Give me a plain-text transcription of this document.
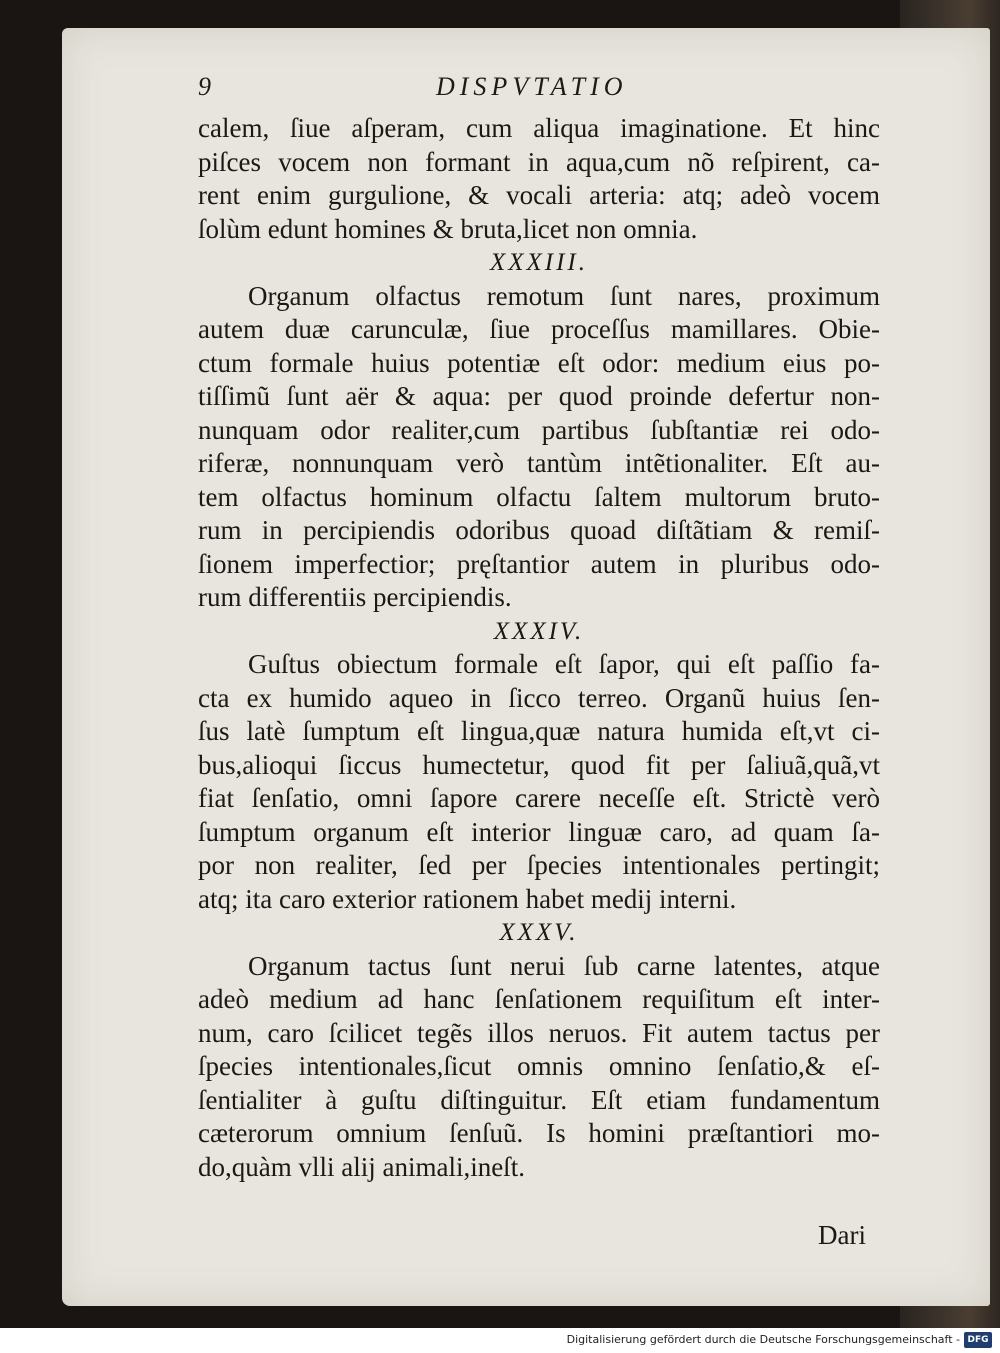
9	DISPVTATIO
calem, ſiue aſperam, cum aliqua imaginatione. Et hinc
piſces vocem non formant in aqua,cum nõ reſpirent, ca-
rent enim gurgulione, & vocali arteria: atq; adeò vocem
ſolùm edunt homines & bruta,licet non omnia.
XXXIII.
Organum olfactus remotum ſunt nares, proximum
autem duæ carunculæ, ſiue proceſſus mamillares. Obie-
ctum formale huius potentiæ eſt odor: medium eius po-
tiſſimũ ſunt aër & aqua: per quod proinde defertur non-
nunquam odor realiter,cum partibus ſubſtantiæ rei odo-
riferæ, nonnunquam verò tantùm intẽtionaliter. Eſt au-
tem olfactus hominum olfactu ſaltem multorum bruto-
rum in percipiendis odoribus quoad diſtãtiam & remiſ-
ſionem imperfectior; pręſtantior autem in pluribus odo-
rum differentiis percipiendis.
XXXIV.
Guſtus obiectum formale eſt ſapor, qui eſt paſſio fa-
cta ex humido aqueo in ſicco terreo. Organũ huius ſen-
ſus latè ſumptum eſt lingua,quæ natura humida eſt,vt ci-
bus,alioqui ſiccus humectetur, quod fit per ſaliuã,quã,vt
fiat ſenſatio, omni ſapore carere neceſſe eſt. Strictè verò
ſumptum organum eſt interior linguæ caro, ad quam ſa-
por non realiter, ſed per ſpecies intentionales pertingit;
atq; ita caro exterior rationem habet medij interni.
XXXV.
Organum tactus ſunt nerui ſub carne latentes, atque
adeò medium ad hanc ſenſationem requiſitum eſt inter-
num, caro ſcilicet tegẽs illos neruos. Fit autem tactus per
ſpecies intentionales,ſicut omnis omnino ſenſatio,& eſ-
ſentialiter à guſtu diſtinguitur. Eſt etiam fundamentum
cæterorum omnium ſenſuũ. Is homini præſtantiori mo-
do,quàm vlli alij animali,ineſt.
Dari
Digitalisierung gefördert durch die Deutsche Forschungsgemeinschaft - DFG
